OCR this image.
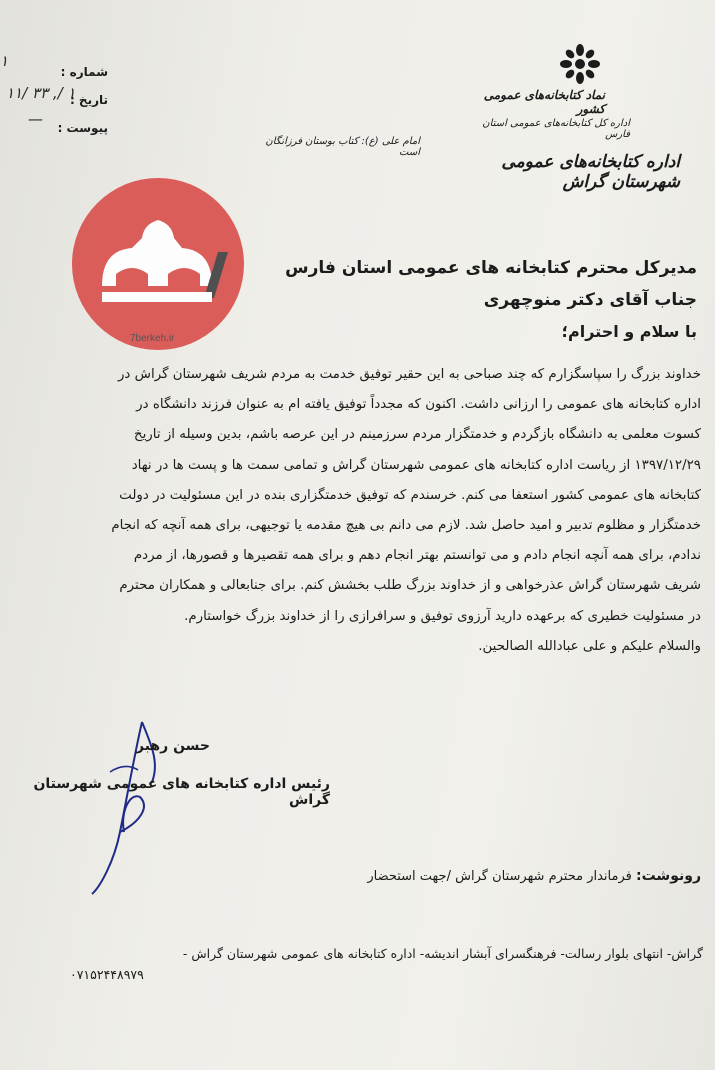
شماره :
تاریخ :
پیوست :
۱
۱۱/ ۳۳ ,/ ۱
—
نماد کتابخانه‌های عمومی کشور
اداره کل کتابخانه‌های عمومی استان فارس
اداره کتابخانه‌های عمومی شهرستان گراش
امام علی (ع): کتاب بوستان فرزانگان است
7berkeh.ir
مدیرکل محترم کتابخانه های عمومی استان فارس
جناب آقای دکتر منوچهری
با سلام و احترام؛

خداوند بزرگ را سپاسگزارم که چند صباحی به این حقیر توفیق خدمت به مردم شریف شهرستان گراش در

اداره کتابخانه های عمومی را ارزانی داشت. اکنون که مجدداً توفیق یافته ام به عنوان فرزند دانشگاه در

کسوت معلمی به دانشگاه بازگردم و خدمتگزار مردم سرزمینم در این عرصه باشم، بدین وسیله از تاریخ

۱۳۹۷/۱۲/۲۹ از ریاست اداره کتابخانه های عمومی شهرستان گراش و تمامی سمت ها و پست ها در نهاد

کتابخانه های عمومی کشور استعفا می کنم. خرسندم که توفیق خدمتگزاری بنده در این مسئولیت در دولت

خدمتگزار و مظلوم تدبیر و امید حاصل شد. لازم می دانم بی هیچ مقدمه یا توجیهی، برای همه آنچه که انجام

ندادم، برای همه آنچه انجام دادم و می توانستم بهتر انجام دهم و برای همه تقصیرها و قصورها، از مردم

شریف شهرستان گراش عذرخواهی و از خداوند بزرگ طلب بخشش کنم. برای جنابعالی و همکاران محترم

در مسئولیت خطیری که برعهده دارید آرزوی توفیق و سرافرازی را از خداوند بزرگ خواستارم.

والسلام علیکم و علی عبادالله الصالحین.

حسن رهبر
رئیس اداره کتابخانه های عمومی شهرستان گراش
رونوشت: فرماندار محترم شهرستان گراش /جهت استحضار
گراش- انتهای بلوار رسالت- فرهنگسرای آبشار اندیشه- اداره کتابخانه های عمومی شهرستان گراش -
۰۷۱۵۲۴۴۸۹۷۹
